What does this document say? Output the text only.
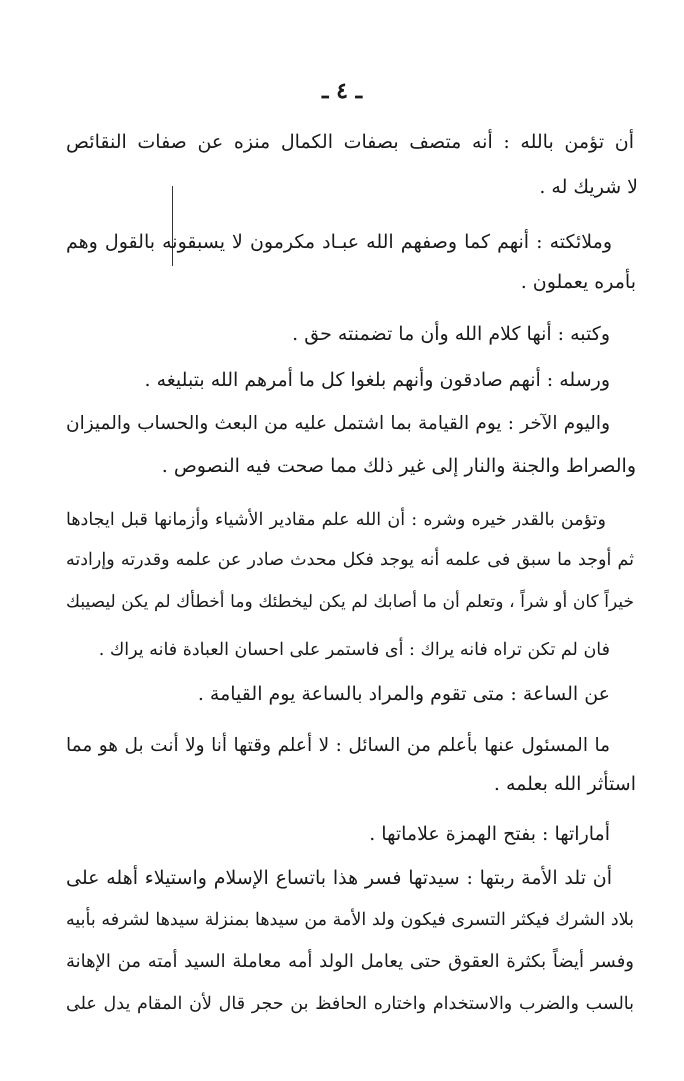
ـ ٤ ـ
أن تؤمن بالله : أنه متصف بصفات الكمال منزه عن صفات النقائص
لا شريك له .
وملائكته : أنهم كما وصفهم الله عبـاد مكرمون لا يسبقونه بالقول وهم
بأمره يعملون .
وكتبه : أنها كلام الله وأن ما تضمنته حق .
ورسله : أنهم صادقون وأنهم بلغوا كل ما أمرهم الله بتبليغه .
واليوم الآخر : يوم القيامة بما اشتمل عليه من البعث والحساب والميزان
والصراط والجنة والنار إلى غير ذلك مما صحت فيه النصوص .
وتؤمن بالقدر خيره وشره : أن الله علم مقادير الأشياء وأزمانها قبل ايجادها
ثم أوجد ما سبق فى علمه أنه يوجد فكل محدث صادر عن علمه وقدرته وإرادته
خيراً كان أو شراً ، وتعلم أن ما أصابك لم يكن ليخطئك وما أخطأك لم يكن ليصيبك
فان لم تكن تراه فانه يراك : أى فاستمر على احسان العبادة فانه يراك .
عن الساعة : متى تقوم والمراد بالساعة يوم القيامة .
ما المسئول عنها بأعلم من السائل : لا أعلم وقتها أنا ولا أنت بل هو مما
استأثر الله بعلمه .
أماراتها : بفتح الهمزة علاماتها .
أن تلد الأمة ربتها : سيدتها فسر هذا باتساع الإسلام واستيلاء أهله على
بلاد الشرك فيكثر التسرى فيكون ولد الأمة من سيدها بمنزلة سيدها لشرفه بأبيه
وفسر أيضاً بكثرة العقوق حتى يعامل الولد أمه معاملة السيد أمته من الإهانة
بالسب والضرب والاستخدام واختاره الحافظ بن حجر قال لأن المقام يدل على
